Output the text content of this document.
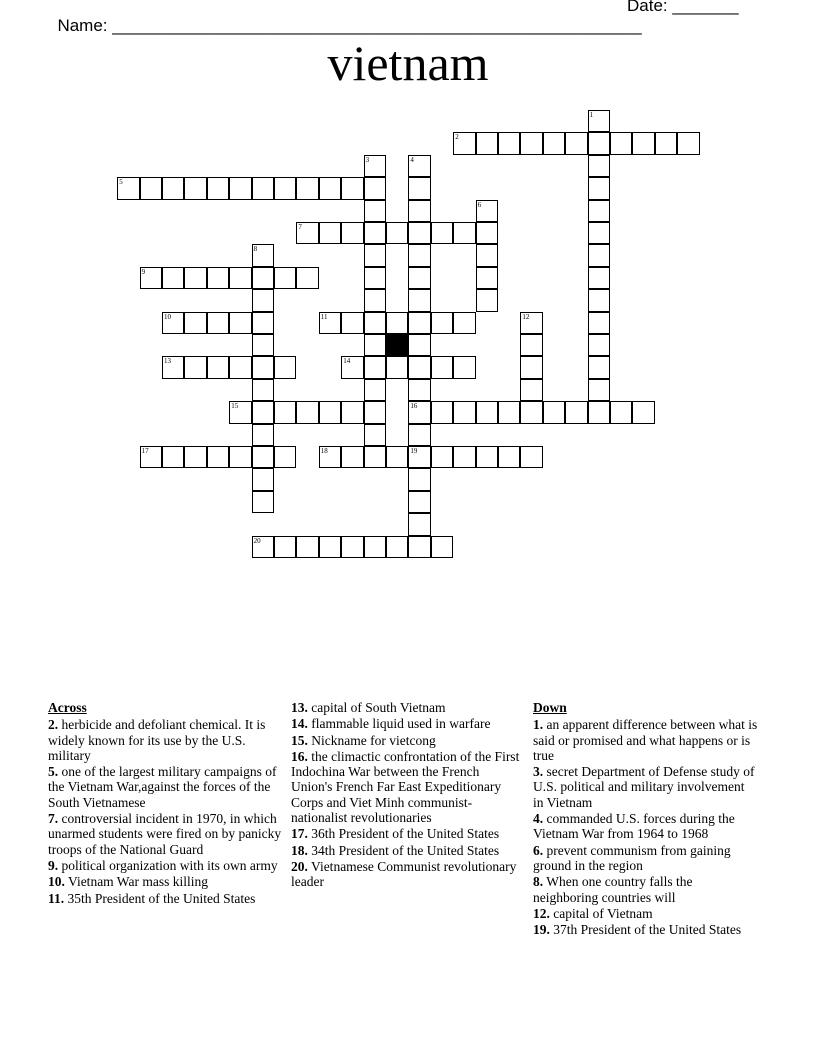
Name: ________________________________________________________

Date: _______

vietnam
4
16
19
1
2
3
5
6
7
8
9
10	11	12
13	14
15
17	18
20
Across
2. herbicide and defoliant chemical. It is widely known for its use by the U.S. military
5. one of the largest military campaigns of the Vietnam War,against the forces of the South Vietnamese
7. controversial incident in 1970, in which unarmed students were fired on by panicky troops of the National Guard
9. political organization with its own army
10. Vietnam War mass killing
11. 35th President of the United States
13. capital of South Vietnam
14. flammable liquid used in warfare
15. Nickname for vietcong
16. the climactic confrontation of the First Indochina War between the French Union's French Far East Expeditionary Corps and Viet Minh communist-nationalist revolutionaries
17. 36th President of the United States
18. 34th President of the United States
20. Vietnamese Communist revolutionary leader
Down
1. an apparent difference between what is said or promised and what happens or is true
3. secret Department of Defense study of U.S. political and military involvement in Vietnam
4. commanded U.S. forces during the Vietnam War from 1964 to 1968
6. prevent communism from gaining ground in the region
8. When one country falls the neighboring countries will
12. capital of Vietnam
19. 37th President of the United States
